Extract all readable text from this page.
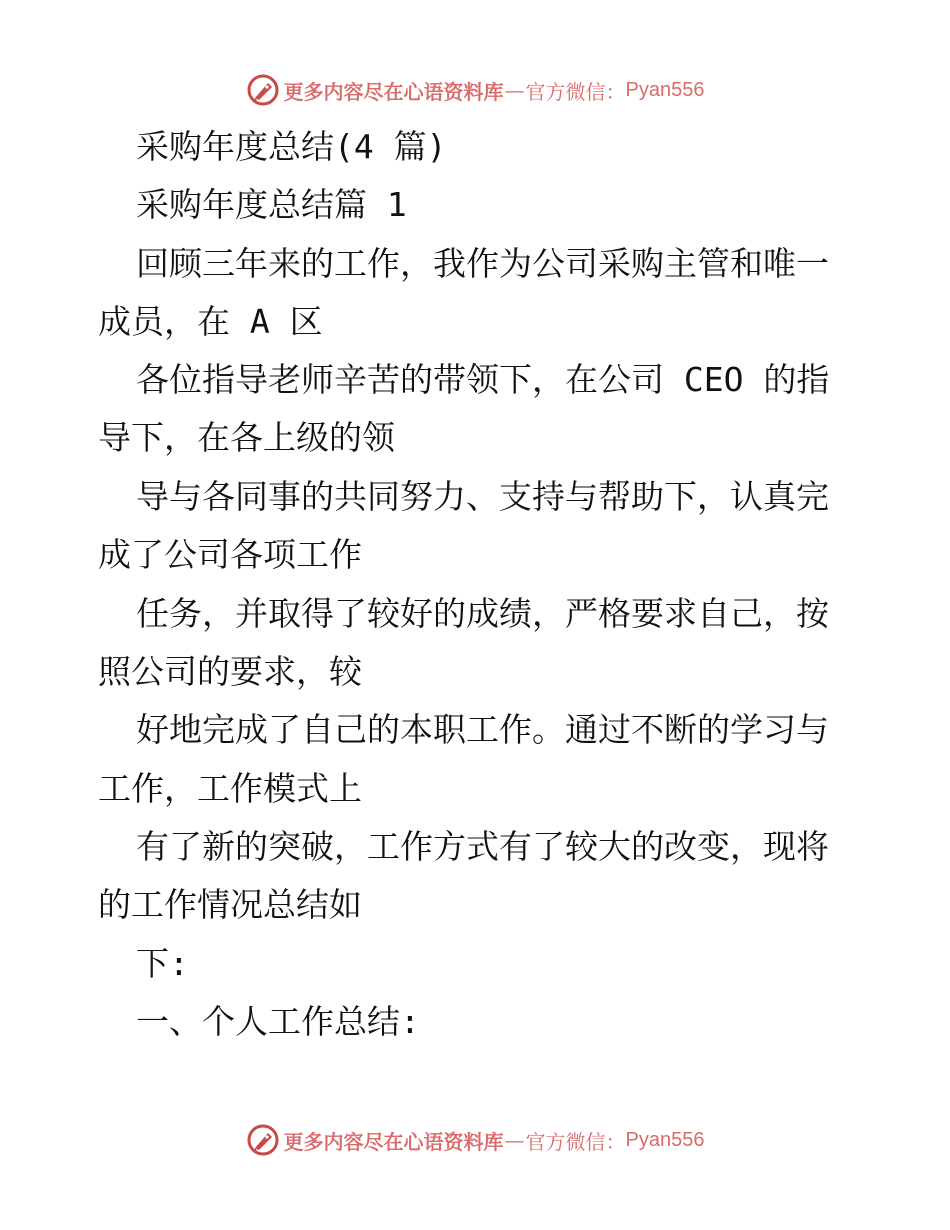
更多内容尽在心语资料库 — 官方微信： Pyan556
采购年度总结(4 篇)
采购年度总结篇 1
回顾三年来的工作，我作为公司采购主管和唯一
成员，在 A 区
各位指导老师辛苦的带领下，在公司 CEO 的指
导下，在各上级的领
导与各同事的共同努力、支持与帮助下，认真完
成了公司各项工作
任务，并取得了较好的成绩，严格要求自己，按
照公司的要求，较
好地完成了自己的本职工作。通过不断的学习与
工作，工作模式上
有了新的突破，工作方式有了较大的改变，现将
的工作情况总结如
下:
一、个人工作总结:
更多内容尽在心语资料库 — 官方微信： Pyan556
